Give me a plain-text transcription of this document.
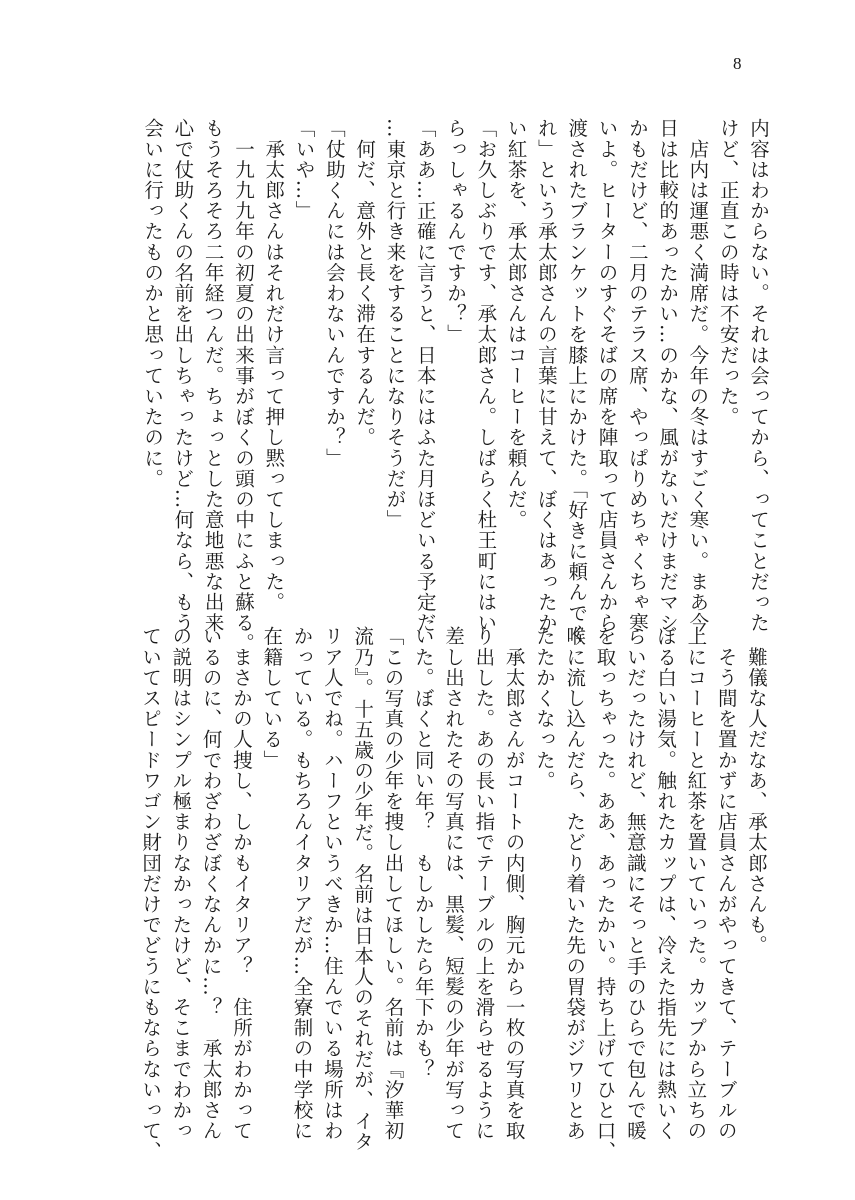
8

内容はわからない。それは会ってから、ってことだった

けど、正直この時は不安だった。

　店内は運悪く満席だ。今年の冬はすごく寒い。まあ今

日は比較的あったかい…のかな、風がないだけまだマシ

かもだけど、二月のテラス席、やっぱりめちゃくちゃ寒

いよ。ヒーターのすぐそばの席を陣取って店員さんから

渡されたブランケットを膝上にかけた。「好きに頼んでく

れ」という承太郎さんの言葉に甘えて、ぼくはあったか

い紅茶を、承太郎さんはコーヒーを頼んだ。

「お久しぶりです、承太郎さん。しばらく杜王町にはい

らっしゃるんですか？」

「ああ…正確に言うと、日本にはふた月ほどいる予定だ

…東京と行き来をすることになりそうだが」

　何だ、意外と長く滞在するんだ。

「仗助くんには会わないんですか？」

「いや…」

　承太郎さんはそれだけ言って押し黙ってしまった。

　一九九九年の初夏の出来事がぼくの頭の中にふと蘇る。

もうそろそろ二年経つんだ。ちょっとした意地悪な出来

心で仗助くんの名前を出しちゃったけど…何なら、もう

会いに行ったものかと思っていたのに。

　難儀な人だなあ、承太郎さんも。

　そう間を置かずに店員さんがやってきて、テーブルの

上にコーヒーと紅茶を置いていった。カップから立ちの

ぼる白い湯気。触れたカップは、冷えた指先には熱いく

らいだったけれど、無意識にそっと手のひらで包んで暖

を取っちゃった。ああ、あったかい。持ち上げてひと口、

喉に流し込んだら、たどり着いた先の胃袋がジワリとあ

たたかくなった。

　承太郎さんがコートの内側、胸元から一枚の写真を取

り出した。あの長い指でテーブルの上を滑らせるように

差し出されたその写真には、黒髪、短髪の少年が写って

いた。ぼくと同い年？　もしかしたら年下かも？

「この写真の少年を捜し出してほしい。名前は『汐華初

流乃』。十五歳の少年だ。名前は日本人のそれだが、イタ

リア人でね。ハーフというべきか…住んでいる場所はわ

かっている。もちろんイタリアだが…全寮制の中学校に

在籍している」

　まさかの人捜し、しかもイタリア？　住所がわかって

いるのに、何でわざわざぼくなんかに…？　承太郎さん

の説明はシンプル極まりなかったけど、そこまでわかっ

ていてスピードワゴン財団だけでどうにもならないって、
